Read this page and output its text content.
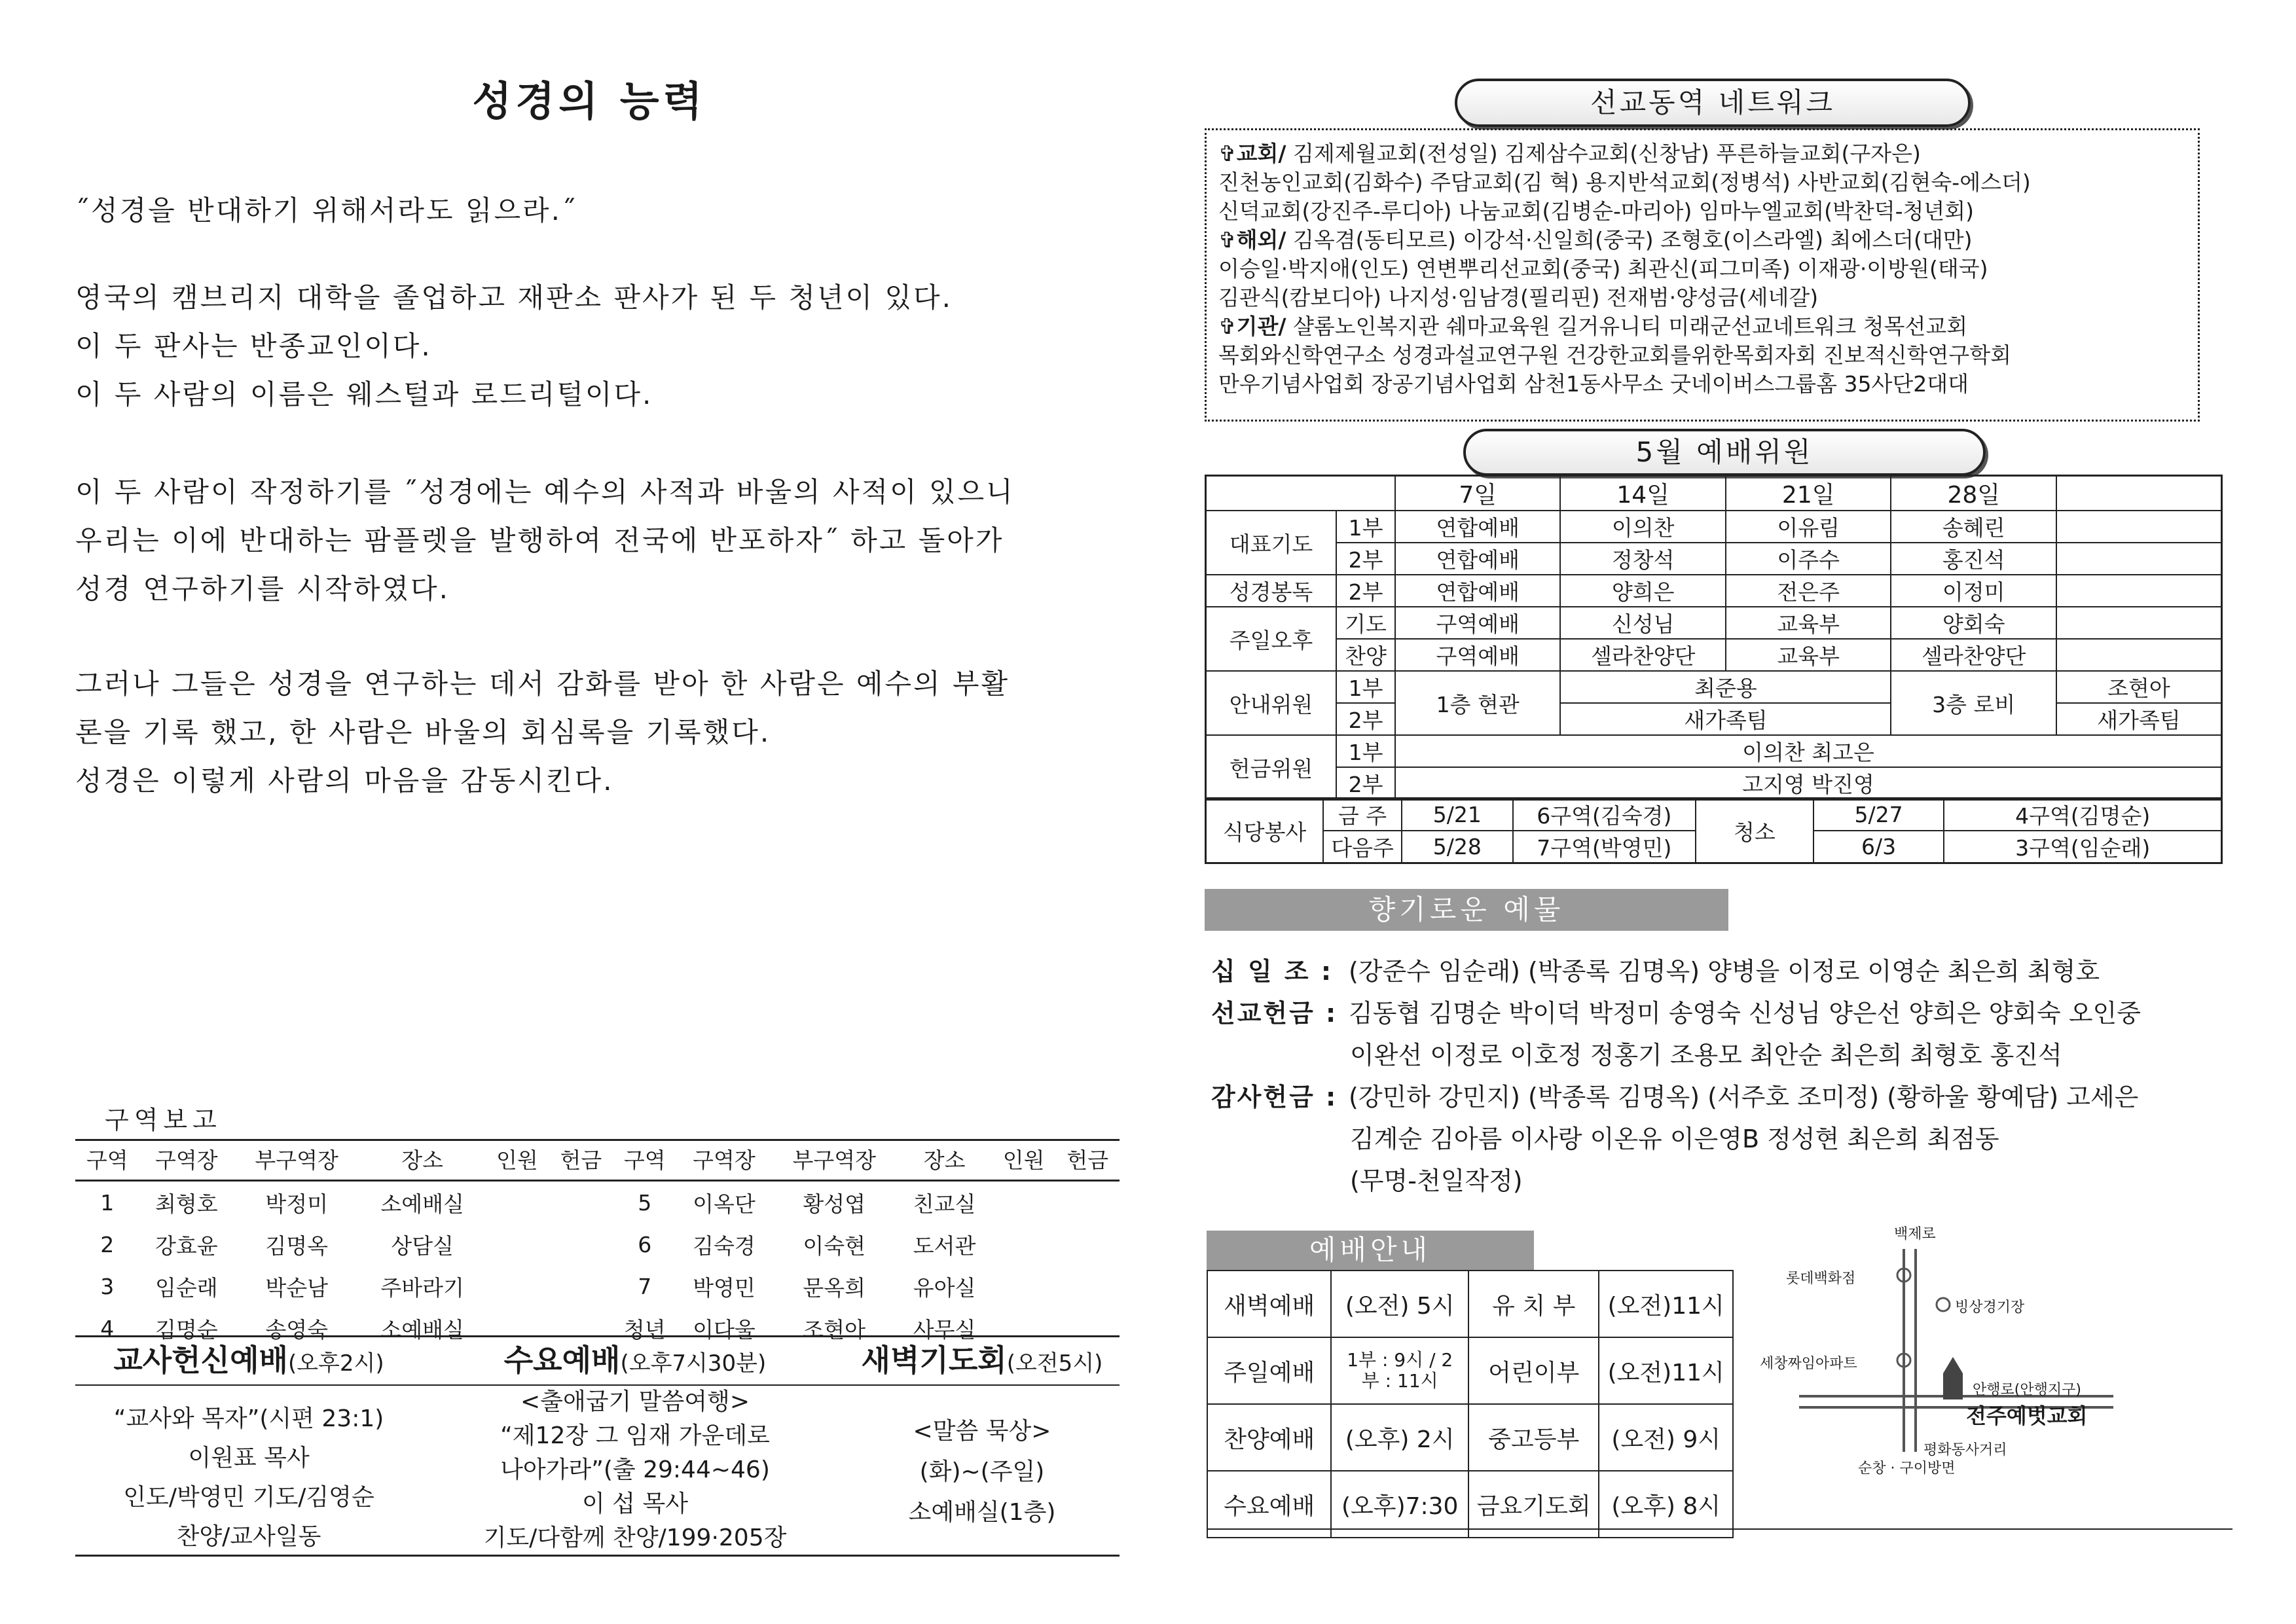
성경의 능력
˝성경을 반대하기 위해서라도 읽으라.˝
영국의 캠브리지 대학을 졸업하고 재판소 판사가 된 두 청년이 있다.
이 두 판사는 반종교인이다.
이 두 사람의 이름은 웨스털과 로드리털이다.
이 두 사람이 작정하기를 ˝성경에는 예수의 사적과 바울의 사적이 있으니
우리는 이에 반대하는 팜플렛을 발행하여 전국에 반포하자˝ 하고 돌아가
성경 연구하기를 시작하였다.
그러나 그들은 성경을 연구하는 데서 감화를 받아 한 사람은 예수의 부활
론을 기록 했고, 한 사람은 바울의 회심록을 기록했다.
성경은 이렇게 사람의 마음을 감동시킨다.
구역보고
구역	구역장	부구역장	장소	인원	헌금	구역	구역장	부구역장	장소	인원	헌금
1	최형호	박정미	소예배실			5	이옥단	황성엽	친교실		
2	강효윤	김명옥	상담실			6	김숙경	이숙현	도서관		
3	임순래	박순남	주바라기			7	박영민	문옥희	유아실		
4	김명순	송영숙	소예배실			청년	이다울	조현아	사무실		
교사헌신예배(오후2시)
“교사와 목자”(시편 23:1)
이원표 목사
인도/박영민 기도/김영순
찬양/교사일동
수요예배(오후7시30분)
<출애굽기 말씀여행>
“제12장 그 임재 가운데로
나아가라”(출 29:44~46)
이 섭 목사
기도/다함께 찬양/199·205장
새벽기도회(오전5시)
<말씀 묵상>
(화)~(주일)
소예배실(1층)
선교동역 네트워크
✞교회/ 김제제월교회(전성일) 김제삼수교회(신창남) 푸른하늘교회(구자은)
진천농인교회(김화수) 주담교회(김 혁) 용지반석교회(정병석) 사반교회(김현숙-에스더)
신덕교회(강진주-루디아) 나눔교회(김병순-마리아) 임마누엘교회(박찬덕-청년회)
✞해외/ 김옥겸(동티모르) 이강석·신일희(중국) 조형호(이스라엘) 최에스더(대만)
이승일·박지애(인도) 연변뿌리선교회(중국) 최관신(피그미족) 이재광·이방원(태국)
김관식(캄보디아) 나지성·임남경(필리핀) 전재범·양성금(세네갈)
✞기관/ 샬롬노인복지관 쉐마교육원 길거유니티 미래군선교네트워크 청목선교회
목회와신학연구소 성경과설교연구원 건강한교회를위한목회자회 진보적신학연구학회
만우기념사업회 장공기념사업회 삼천1동사무소 굿네이버스그룹홈 35사단2대대
5월 예배위원
		7일	14일	21일	28일	
대표기도	1부	연합예배	이의찬	이유림	송혜린	
	2부	연합예배	정창석	이주수	홍진석	
성경봉독	2부	연합예배	양희은	전은주	이정미	
주일오후	기도	구역예배	신성님	교육부	양회숙	
	찬양	구역예배	셀라찬양단	교육부	셀라찬양단	
안내위원	1부	1층 현관	최준용		3층 로비	조현아
	2부		새가족팀			새가족팀
헌금위원	1부	이의찬 최고은				
	2부	고지영 박진영				
식당봉사	금 주	5/21	6구역(김숙경)	청소	5/27	4구역(김명순)
	다음주	5/28	7구역(박영민)		6/3	3구역(임순래)
향기로운 예물
십 일 조 : (강준수 임순래) (박종록 김명옥) 양병을 이정로 이영순 최은희 최형호
선교헌금 : 김동협 김명순 박이덕 박정미 송영숙 신성님 양은선 양희은 양회숙 오인중
이완선 이정로 이호정 정홍기 조용모 최안순 최은희 최형호 홍진석
감사헌금 : (강민하 강민지) (박종록 김명옥) (서주호 조미정) (황하울 황예담) 고세은
김계순 김아름 이사랑 이온유 이은영B 정성현 최은희 최점동
(무명-천일작정)
예배안내
새벽예배	(오전) 5시	유 치 부	(오전)11시
주일예배	1부 : 9시 / 2부 : 11시	어린이부	(오전)11시
찬양예배	(오후) 2시	중고등부	(오전) 9시
수요예배	(오후)7:30	금요기도회	(오후) 8시
백제로
롯데백화점
빙상경기장
세창짜임아파트
안행로(안행지구)
전주예벗교회
평화동사거리
순창 · 구이방면
